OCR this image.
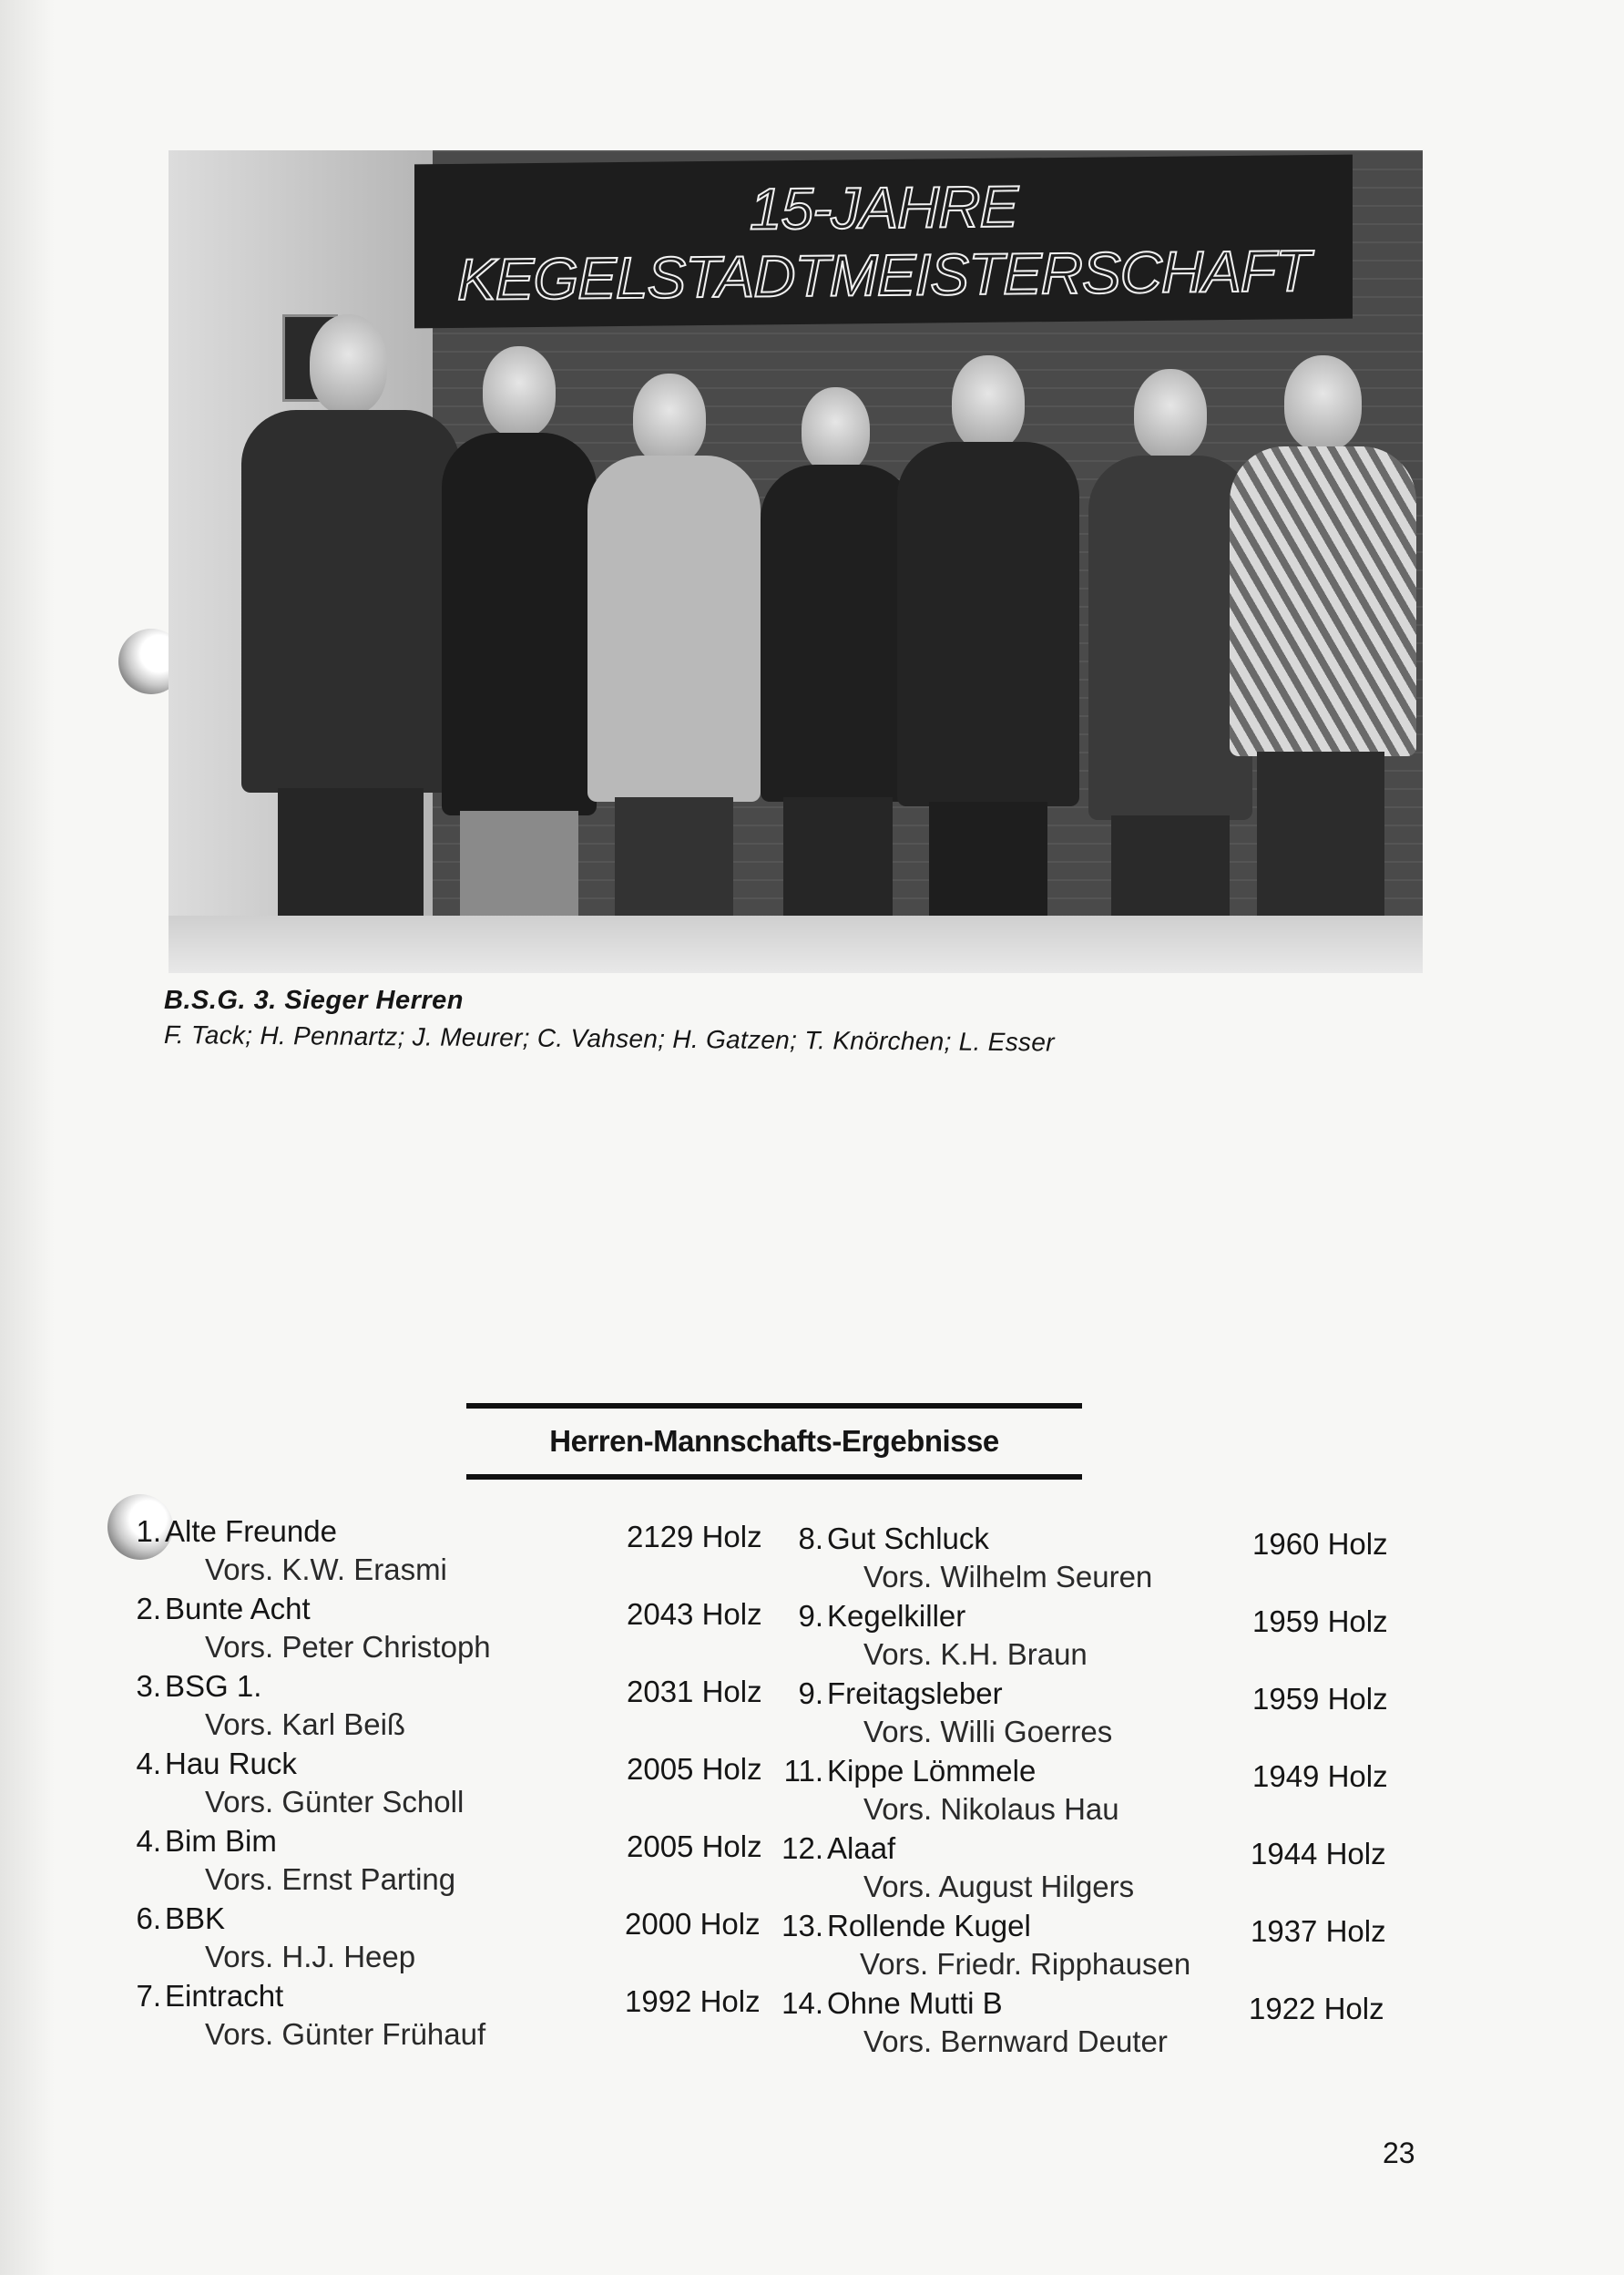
15-JAHRE
KEGELSTADTMEISTERSCHAFT
B.S.G. 3. Sieger Herren
F. Tack; H. Pennartz; J. Meurer; C. Vahsen; H. Gatzen; T. Knörchen; L. Esser
Herren-Mannschafts-Ergebnisse
1. Alte Freunde
Vors. K.W. Erasmi
2129 Holz
2. Bunte Acht
Vors. Peter Christoph
2043 Holz
3. BSG 1.
Vors. Karl Beiß
2031 Holz
4. Hau Ruck
Vors. Günter Scholl
2005 Holz
4. Bim Bim
Vors. Ernst Parting
2005 Holz
6. BBK
Vors. H.J. Heep
2000 Holz
7. Eintracht
Vors. Günter Frühauf
1992 Holz
8. Gut Schluck
Vors. Wilhelm Seuren
1960 Holz
9. Kegelkiller
Vors. K.H. Braun
1959 Holz
9. Freitagsleber
Vors. Willi Goerres
1959 Holz
11. Kippe Lömmele
Vors. Nikolaus Hau
1949 Holz
12. Alaaf
Vors. August Hilgers
1944 Holz
13. Rollende Kugel
Vors. Friedr. Ripphausen
1937 Holz
14. Ohne Mutti B
Vors. Bernward Deuter
1922 Holz
23
